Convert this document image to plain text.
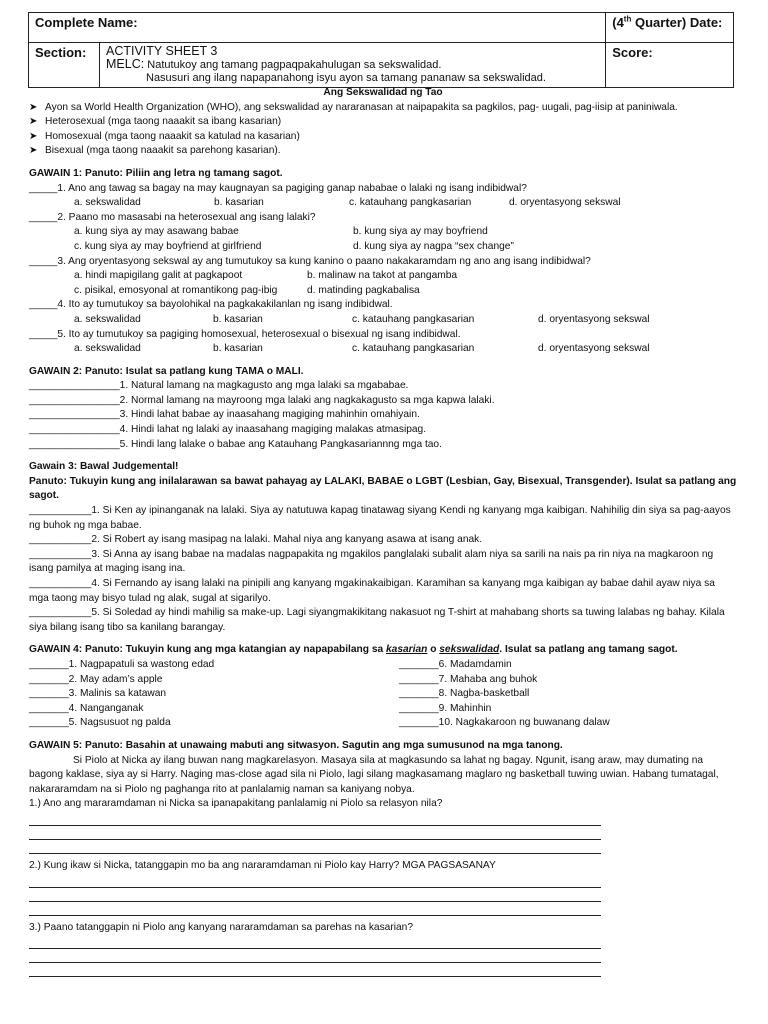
Complete Name:		(4th Quarter) Date:
Section:	ACTIVITY SHEET 3
MELC: Natutukoy ang tamang pagpaqpakahulugan sa sekswalidad.
Nasusuri ang ilang napapanahong isyu ayon sa tamang pananaw sa sekswalidad.	Score:
Ang Sekswalidad ng Tao
➤ Ayon sa World Health Organization (WHO), ang sekswalidad ay nararanasan at naipapakita sa pagkilos, pag- uugali, pag-iisip at paniniwala.
➤ Heterosexual (mga taong naaakit sa ibang kasarian)
➤ Homosexual (mga taong naaakit sa katulad na kasarian)
➤ Bisexual (mga taong naaakit sa parehong kasarian).
GAWAIN 1: Panuto: Piliin ang letra ng tamang sagot.
_____1. Ano ang tawag sa bagay na may kaugnayan sa pagiging ganap nababae o lalaki ng isang indibidwal?
a. sekswalidad	b. kasarian	c. katauhang pangkasarian	d. oryentasyong sekswal
_____2. Paano mo masasabi na heterosexual ang isang lalaki?
a. kung siya ay may asawang babae	b. kung siya ay may boyfriend
c. kung siya ay may boyfriend at girlfriend	d. kung siya ay nagpa “sex change”
_____3. Ang oryentasyong sekswal ay ang tumutukoy sa kung kanino o paano nakakaramdam ng ano ang isang indibidwal?
a. hindi mapigilang galit at pagkapoot	b. malinaw na takot at pangamba
c. pisikal, emosyonal at romantikong pag-ibig	d. matinding pagkabalisa
_____4. Ito ay tumutukoy sa bayolohikal na pagkakakilanlan ng isang indibidwal.
a. sekswalidad	b. kasarian	c. katauhang pangkasarian	d. oryentasyong sekswal
_____5. Ito ay tumutukoy sa pagiging homosexual, heterosexual o bisexual ng isang indibidwal.
a. sekswalidad	b. kasarian	c. katauhang pangkasarian	d. oryentasyong sekswal
GAWAIN 2: Panuto: Isulat sa patlang kung TAMA o MALI.
________________1. Natural lamang na magkagusto ang mga lalaki sa mgababae.
________________2. Normal lamang na mayroong mga lalaki ang nagkakagusto sa mga kapwa lalaki.
________________3. Hindi lahat babae ay inaasahang magiging mahinhin omahiyain.
________________4. Hindi lahat ng lalaki ay inaasahang magiging malakas atmasipag.
________________5. Hindi lang lalake o babae ang Katauhang Pangkasariannng mga tao.
Gawain 3: Bawal Judgemental!
Panuto: Tukuyin kung ang inilalarawan sa bawat pahayag ay LALAKI, BABAE o LGBT (Lesbian, Gay, Bisexual, Transgender). Isulat sa patlang ang sagot.
___________1. Si Ken ay ipinanganak na lalaki. Siya ay natutuwa kapag tinatawag siyang Kendi ng kanyang mga kaibigan. Nahihilig din siya sa pag-aayos ng buhok ng mga babae.
___________2. Si Robert ay isang masipag na lalaki. Mahal niya ang kanyang asawa at isang anak.
___________3. Si Anna ay isang babae na madalas nagpapakita ng mgakilos panglalaki subalit alam niya sa sarili na nais pa rin niya na magkaroon ng isang pamilya at maging isang ina.
___________4. Si Fernando ay isang lalaki na pinipili ang kanyang mgakinakaibigan. Karamihan sa kanyang mga kaibigan ay babae dahil ayaw niya sa mga taong may bisyo tulad ng alak, sugal at sigarilyo.
___________5. Si Soledad ay hindi mahilig sa make-up. Lagi siyangmakikitang nakasuot ng T-shirt at mahabang shorts sa tuwing lalabas ng bahay. Kilala siya bilang isang tibo sa kanilang barangay.
GAWAIN 4: Panuto: Tukuyin kung ang mga katangian ay napapabilang sa kasarian o sekswalidad. Isulat sa patlang ang tamang sagot.
_______1. Nagpapatuli sa wastong edad
_______2. May adam’s apple
_______3. Malinis sa katawan
_______4. Nanganganak
_______5. Nagsusuot ng palda
_______6. Madamdamin
_______7. Mahaba ang buhok
_______8. Nagba-basketball
_______9. Mahinhin
_______10. Nagkakaroon ng buwanang dalaw
GAWAIN 5: Panuto: Basahin at unawaing mabuti ang sitwasyon. Sagutin ang mga sumusunod na mga tanong.
Si Piolo at Nicka ay ilang buwan nang magkarelasyon. Masaya sila at magkasundo sa lahat ng bagay. Ngunit, isang araw, may dumating na bagong kaklase, siya ay si Harry. Naging mas-close agad sila ni Piolo, lagi silang magkasamang maglaro ng basketball tuwing uwian. Habang tumatagal, nakararamdam na si Piolo ng paghanga rito at panlalamig naman sa kaniyang nobya.
1.) Ano ang mararamdaman ni Nicka sa ipanapakitang panlalamig ni Piolo sa relasyon nila?
2.) Kung ikaw si Nicka, tatanggapin mo ba ang nararamdaman ni Piolo kay Harry? MGA PAGSASANAY
3.) Paano tatanggapin ni Piolo ang kanyang nararamdaman sa parehas na kasarian?
